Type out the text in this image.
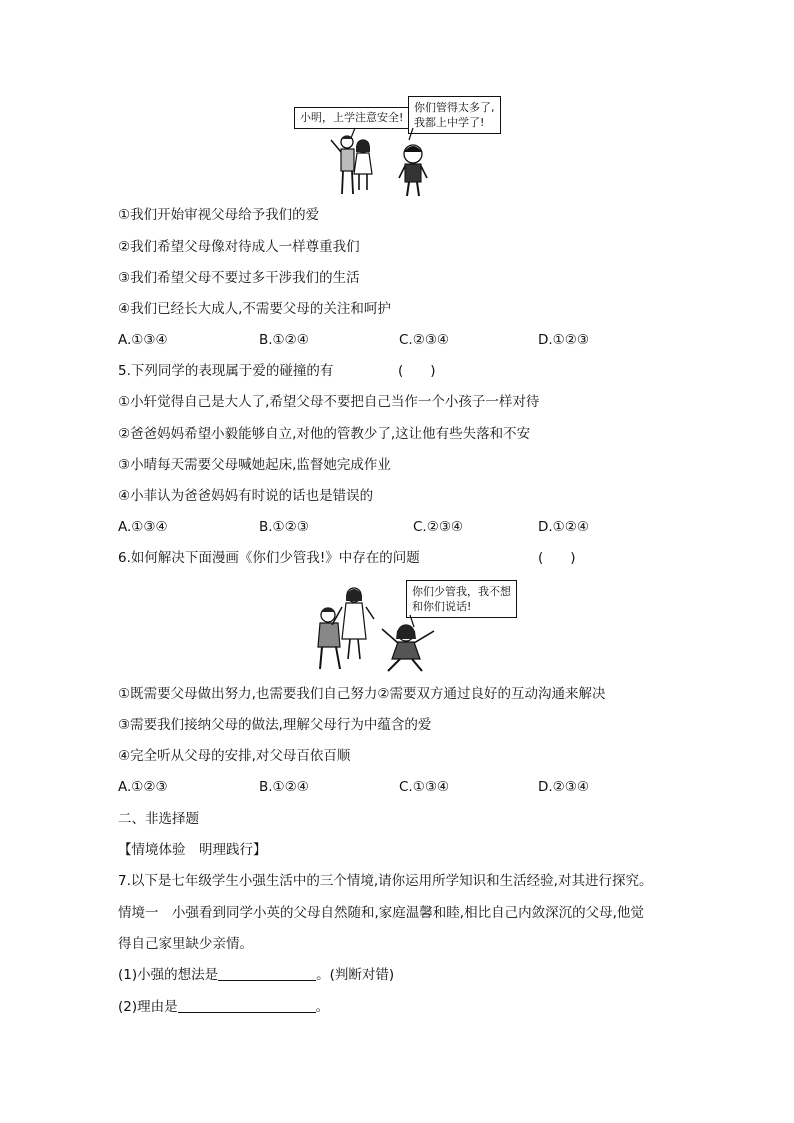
小明，上学注意安全!
你们管得太多了,
我都上中学了!
①我们开始审视父母给予我们的爱
②我们希望父母像对待成人一样尊重我们
③我们希望父母不要过多干涉我们的生活
④我们已经长大成人,不需要父母的关注和呵护
A.①③④	B.①②④	C.②③④	D.①②③
5.下列同学的表现属于爱的碰撞的有	(　　)
①小轩觉得自己是大人了,希望父母不要把自己当作一个小孩子一样对待
②爸爸妈妈希望小毅能够自立,对他的管教少了,这让他有些失落和不安
③小晴每天需要父母喊她起床,监督她完成作业
④小菲认为爸爸妈妈有时说的话也是错误的
A.①③④	B.①②③	C.②③④	D.①②④
6.如何解决下面漫画《你们少管我!》中存在的问题	(　　)
你们少管我，我不想
和你们说话!
①既需要父母做出努力,也需要我们自己努力②需要双方通过良好的互动沟通来解决
③需要我们接纳父母的做法,理解父母行为中蕴含的爱
④完全听从父母的安排,对父母百依百顺
A.①②③	B.①②④	C.①③④	D.②③④
二、非选择题
【情境体验　明理践行】
7.以下是七年级学生小强生活中的三个情境,请你运用所学知识和生活经验,对其进行探究。
情境一　小强看到同学小英的父母自然随和,家庭温馨和睦,相比自己内敛深沉的父母,他觉
得自己家里缺少亲情。
(1)小强的想法是	。(判断对错)
(2)理由是	。
